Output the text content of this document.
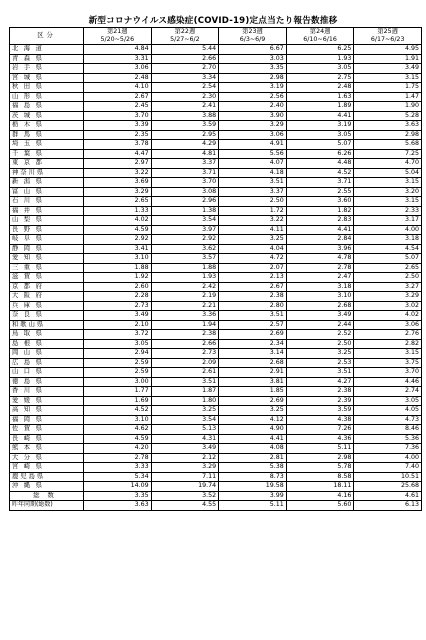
新型コロナウイルス感染症(COVID-19)定点当たり報告数推移
区分	第21週	第22週	第23週	第24週	第25週
	5/20~5/26	5/27~6/2	6/3~6/9	6/10~6/16	6/17~6/23
北海道	4.84	5.44	6.67	6.25	4.95
青森県	3.31	2.66	3.03	1.93	1.91
岩手県	3.06	2.70	3.35	3.05	3.49
宮城県	2.48	3.34	2.98	2.75	3.15
秋田県	4.10	2.54	3.19	2.48	1.75
山形県	2.67	2.30	2.56	1.63	1.47
福島県	2.45	2.41	2.40	1.89	1.90
茨城県	3.70	3.88	3.90	4.41	5.28
栃木県	3.39	3.59	3.29	3.19	3.63
群馬県	2.35	2.95	3.06	3.05	2.98
埼玉県	3.78	4.29	4.91	5.07	5.68
千葉県	4.47	4.81	5.56	6.26	7.25
東京都	2.97	3.37	4.07	4.48	4.70
神奈川県	3.22	3.71	4.18	4.52	5.04
新潟県	3.69	3.70	3.51	3.71	3.15
富山県	3.29	3.08	3.37	2.55	3.20
石川県	2.65	2.96	2.50	3.60	3.15
福井県	1.33	1.38	1.72	1.82	2.33
山梨県	4.02	3.54	3.22	2.83	3.17
長野県	4.59	3.97	4.11	4.41	4.00
岐阜県	2.92	2.92	3.25	2.84	3.18
静岡県	3.41	3.62	4.04	3.96	4.54
愛知県	3.10	3.57	4.72	4.78	5.07
三重県	1.88	1.88	2.07	2.78	2.65
滋賀県	1.92	1.93	2.13	2.47	2.50
京都府	2.60	2.42	2.67	3.18	3.27
大阪府	2.28	2.19	2.38	3.10	3.29
兵庫県	2.73	2.21	2.80	2.68	3.02
奈良県	3.49	3.36	3.51	3.49	4.02
和歌山県	2.10	1.94	2.57	2.44	3.06
鳥取県	3.72	2.38	2.69	2.52	2.76
島根県	3.05	2.66	2.34	2.50	2.82
岡山県	2.94	2.73	3.14	3.25	3.15
広島県	2.59	2.09	2.68	2.53	3.75
山口県	2.59	2.61	2.91	3.51	3.70
徳島県	3.00	3.51	3.81	4.27	4.46
香川県	1.77	1.87	1.85	2.38	2.74
愛媛県	1.69	1.80	2.69	2.39	3.05
高知県	4.52	3.25	3.25	3.59	4.05
福岡県	3.10	3.54	4.12	4.38	4.73
佐賀県	4.62	5.13	4.90	7.26	8.46
長崎県	4.59	4.31	4.41	4.36	5.36
熊本県	4.20	3.49	4.08	5.11	7.36
大分県	2.78	2.12	2.81	2.98	4.00
宮崎県	3.33	3.29	5.38	5.78	7.40
鹿児島県	5.34	7.11	8.73	8.58	10.51
沖縄県	14.09	19.74	19.58	18.11	25.68
総数	3.35	3.52	3.99	4.16	4.61
昨年同期(総数)	3.63	4.55	5.11	5.60	6.13
